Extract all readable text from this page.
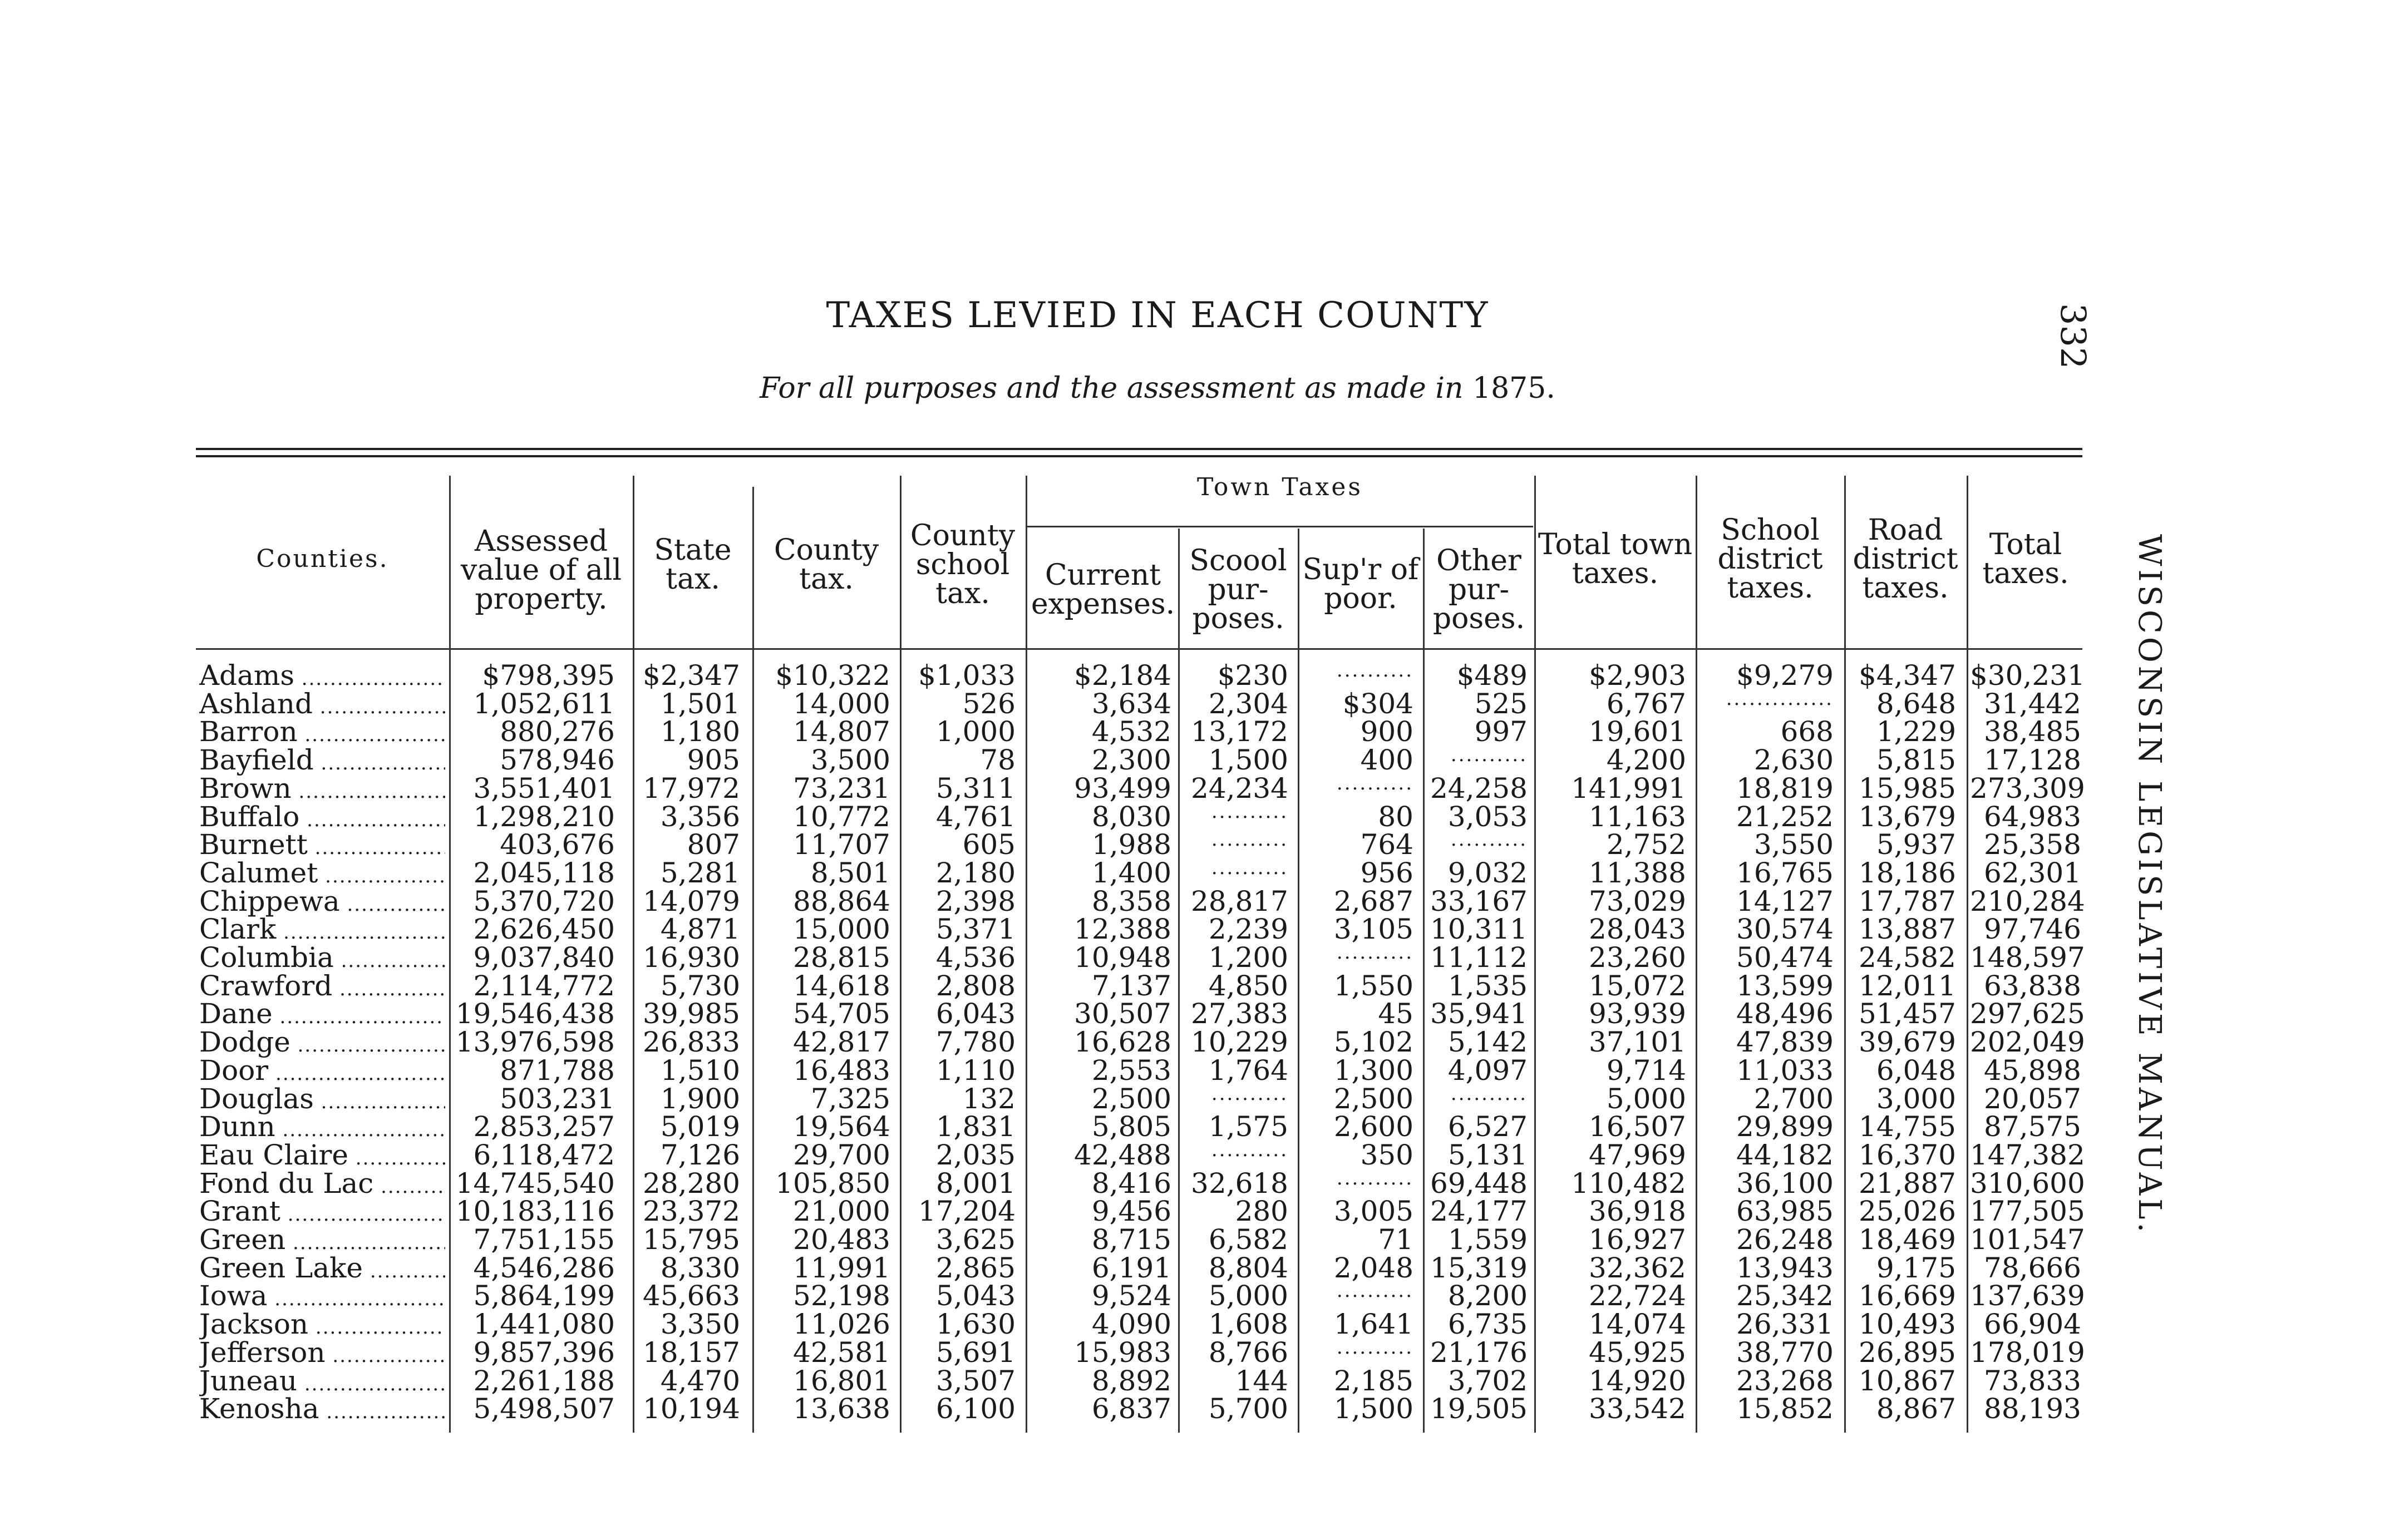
TAXES LEVIED IN EACH COUNTY

For all purposes and the assessment as made in 1875.

332
WISCONSIN LEGISLATIVE MANUAL.
Town Taxes
Counties.
Assessed value of all property.
State tax.
County tax.
County school tax.
Current expenses.
Scoool pur- poses.
Sup'r of poor.
Other pur- poses.
Total town taxes.
School district taxes.
Road district taxes.
Total taxes.
Adams .....	$798,395	$2,347	$10,322	$1,033	$2,184	$230	..........	$489	$2,903	$9,279 $4,347 $30,231
Ashland .....	1,052,611	1,501	14,000	526	3,634	2,304	$304	525	6,767	..............	8,648	31,442
Barron .....	880,276	1,180	14,807	1,000	4,532 13,172	900	997	19,601	668	1,229	38,485
Bayfield .....	578,946	905	3,500	78	2,300	1,500	400	..........	4,200	2,630	5,815	17,128
Brown .....	3,551,401	17,972	73,231	5,311	93,499 24,234	.......... 24,258	141,991	18,819 15,985 273,309
Buffalo .....	1,298,210	3,356	10,772	4,761	8,030	..........	80	3,053	11,163	21,252 13,679	64,983
Burnett .....	403,676	807	11,707	605	1,988	..........	764	..........	2,752	3,550	5,937	25,358
Calumet .....	2,045,118	5,281	8,501	2,180	1,400	..........	956	9,032	11,388	16,765 18,186	62,301
Chippewa .....	5,370,720	14,079	88,864	2,398	8,358 28,817	2,687 33,167	73,029	14,127 17,787 210,284
Clark .....	2,626,450	4,871	15,000	5,371	12,388	2,239	3,105 10,311	28,043	30,574 13,887	97,746
Columbia .....	9,037,840	16,930	28,815	4,536	10,948	1,200	.......... 11,112	23,260	50,474 24,582 148,597
Crawford .....	2,114,772	5,730	14,618	2,808	7,137	4,850	1,550	1,535	15,072	13,599 12,011	63,838
Dane .....	19,546,438	39,985	54,705	6,043	30,507 27,383	45 35,941	93,939	48,496 51,457 297,625
Dodge .....	13,976,598	26,833	42,817	7,780	16,628 10,229	5,102	5,142	37,101	47,839 39,679 202,049
Door .....	871,788	1,510	16,483	1,110	2,553	1,764	1,300	4,097	9,714	11,033	6,048	45,898
Douglas .....	503,231	1,900	7,325	132	2,500	..........	2,500	..........	5,000	2,700	3,000	20,057
Dunn .....	2,853,257	5,019	19,564	1,831	5,805	1,575	2,600	6,527	16,507	29,899 14,755	87,575
Eau Claire .....	6,118,472	7,126	29,700	2,035	42,488	..........	350	5,131	47,969	44,182 16,370 147,382
Fond du Lac .....	14,745,540	28,280	105,850	8,001	8,416 32,618	.......... 69,448	110,482	36,100 21,887 310,600
Grant .....	10,183,116	23,372	21,000	17,204	9,456	280	3,005 24,177	36,918	63,985 25,026 177,505
Green .....	7,751,155	15,795	20,483	3,625	8,715	6,582	71	1,559	16,927	26,248 18,469 101,547
Green Lake .....	4,546,286	8,330	11,991	2,865	6,191	8,804	2,048 15,319	32,362	13,943	9,175	78,666
Iowa .....	5,864,199	45,663	52,198	5,043	9,524	5,000	..........	8,200	22,724	25,342 16,669 137,639
Jackson .....	1,441,080	3,350	11,026	1,630	4,090	1,608	1,641	6,735	14,074	26,331 10,493	66,904
Jefferson .....	9,857,396	18,157	42,581	5,691	15,983	8,766	.......... 21,176	45,925	38,770 26,895 178,019
Juneau .....	2,261,188	4,470	16,801	3,507	8,892	144	2,185	3,702	14,920	23,268 10,867	73,833
Kenosha .....	5,498,507	10,194	13,638	6,100	6,837	5,700	1,500 19,505	33,542	15,852	8,867	88,193
